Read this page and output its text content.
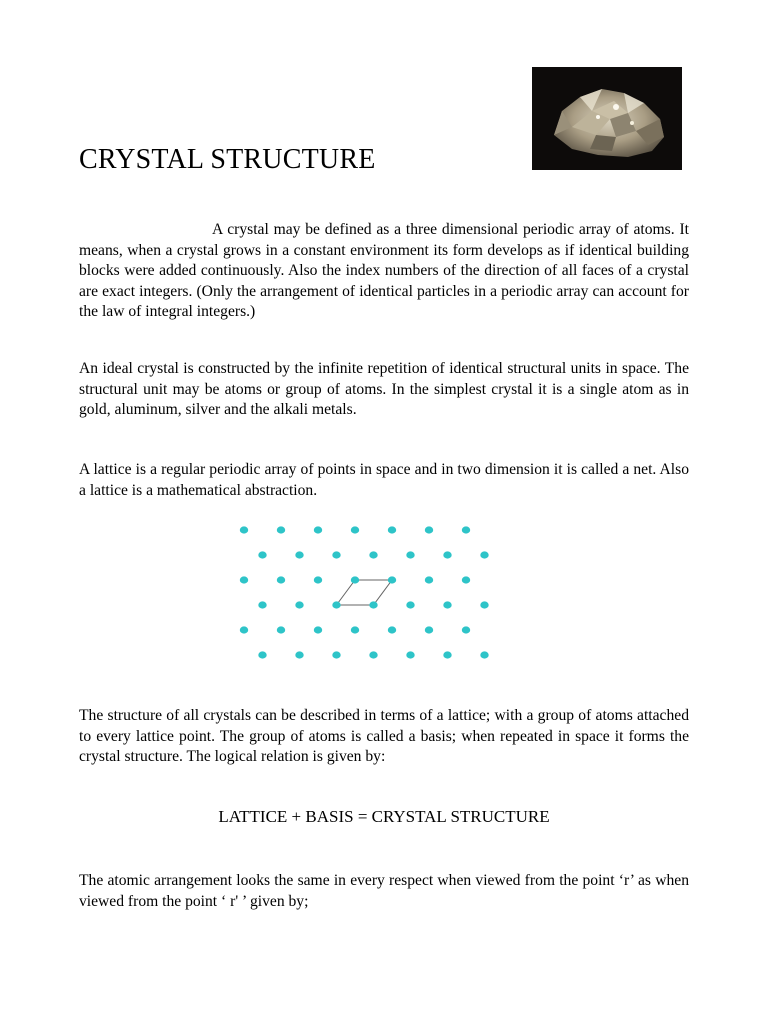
CRYSTAL STRUCTURE

A crystal may be defined as a three dimensional periodic array of atoms. It means, when a crystal grows in a constant environment its form develops as if identical building blocks were added continuously. Also the index numbers of the direction of all faces of a crystal are exact integers. (Only the arrangement of identical particles in a periodic array can account for the law of integral integers.)

An ideal crystal is constructed by the infinite repetition of identical structural units in space. The structural unit may be atoms or group of atoms. In the simplest crystal it is a single atom as in gold, aluminum, silver and the alkali metals.

A lattice is a regular periodic array of points in space and in two dimension it is called a net. Also a lattice is a mathematical abstraction.

The structure of all crystals can be described in terms of a lattice; with a group of atoms attached to every lattice point. The group of atoms is called a basis; when repeated in space it forms the crystal structure. The logical relation is given by:

LATTICE + BASIS = CRYSTAL STRUCTURE

The atomic arrangement looks the same in every respect when viewed from the point ‘r’ as when viewed from the point ‘ r' ’ given by;
